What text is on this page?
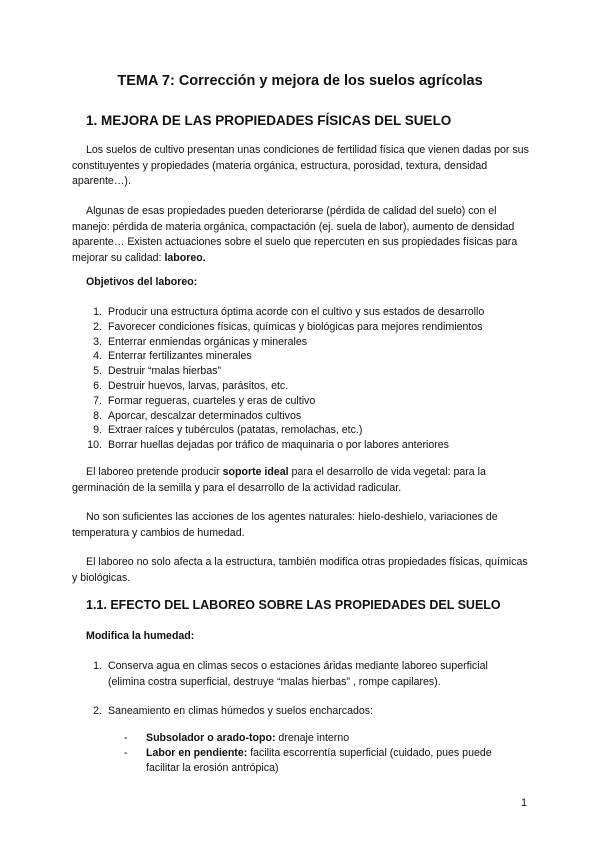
TEMA 7: Corrección y mejora de los suelos agrícolas
1. MEJORA DE LAS PROPIEDADES FÍSICAS DEL SUELO

Los suelos de cultivo presentan unas condiciones de fertilidad física que vienen dadas por sus constituyentes y propiedades (materia orgánica, estructura, porosidad, textura, densidad aparente…).

Algunas de esas propiedades pueden deteriorarse (pérdida de calidad del suelo) con el manejo: pérdida de materia orgánica, compactación (ej. suela de labor), aumento de densidad aparente… Existen actuaciones sobre el suelo que repercuten en sus propiedades físicas para mejorar su calidad: laboreo.

Objetivos del laboreo:
1. Producir una estructura óptima acorde con el cultivo y sus estados de desarrollo
2. Favorecer condiciones físicas, químicas y biológicas para mejores rendimientos
3. Enterrar enmiendas orgánicas y minerales
4. Enterrar fertilizantes minerales
5. Destruir “malas hierbas”
6. Destruir huevos, larvas, parásitos, etc.
7. Formar regueras, cuarteles y eras de cultivo
8. Aporcar, descalzar determinados cultivos
9. Extraer raíces y tubérculos (patatas, remolachas, etc.)
10. Borrar huellas dejadas por tráfico de maquinaria o por labores anteriores

El laboreo pretende producir soporte ideal para el desarrollo de vida vegetal: para la germinación de la semilla y para el desarrollo de la actividad radicular.

No son suficientes las acciones de los agentes naturales: hielo-deshielo, variaciones de temperatura y cambios de humedad.

El laboreo no solo afecta a la estructura, también modifica otras propiedades físicas, químicas y biológicas.

1.1. EFECTO DEL LABOREO SOBRE LAS PROPIEDADES DEL SUELO
Modifica la humedad:
1. Conserva agua en climas secos o estaciones áridas mediante laboreo superficial (elimina costra superficial, destruye “malas hierbas” , rompe capilares).
2. Saneamiento en climas húmedos y suelos encharcados:
-	Subsolador o arado-topo: drenaje interno
-	Labor en pendiente: facilita escorrentía superficial (cuidado, pues puede facilitar la erosión antrópica)
1
